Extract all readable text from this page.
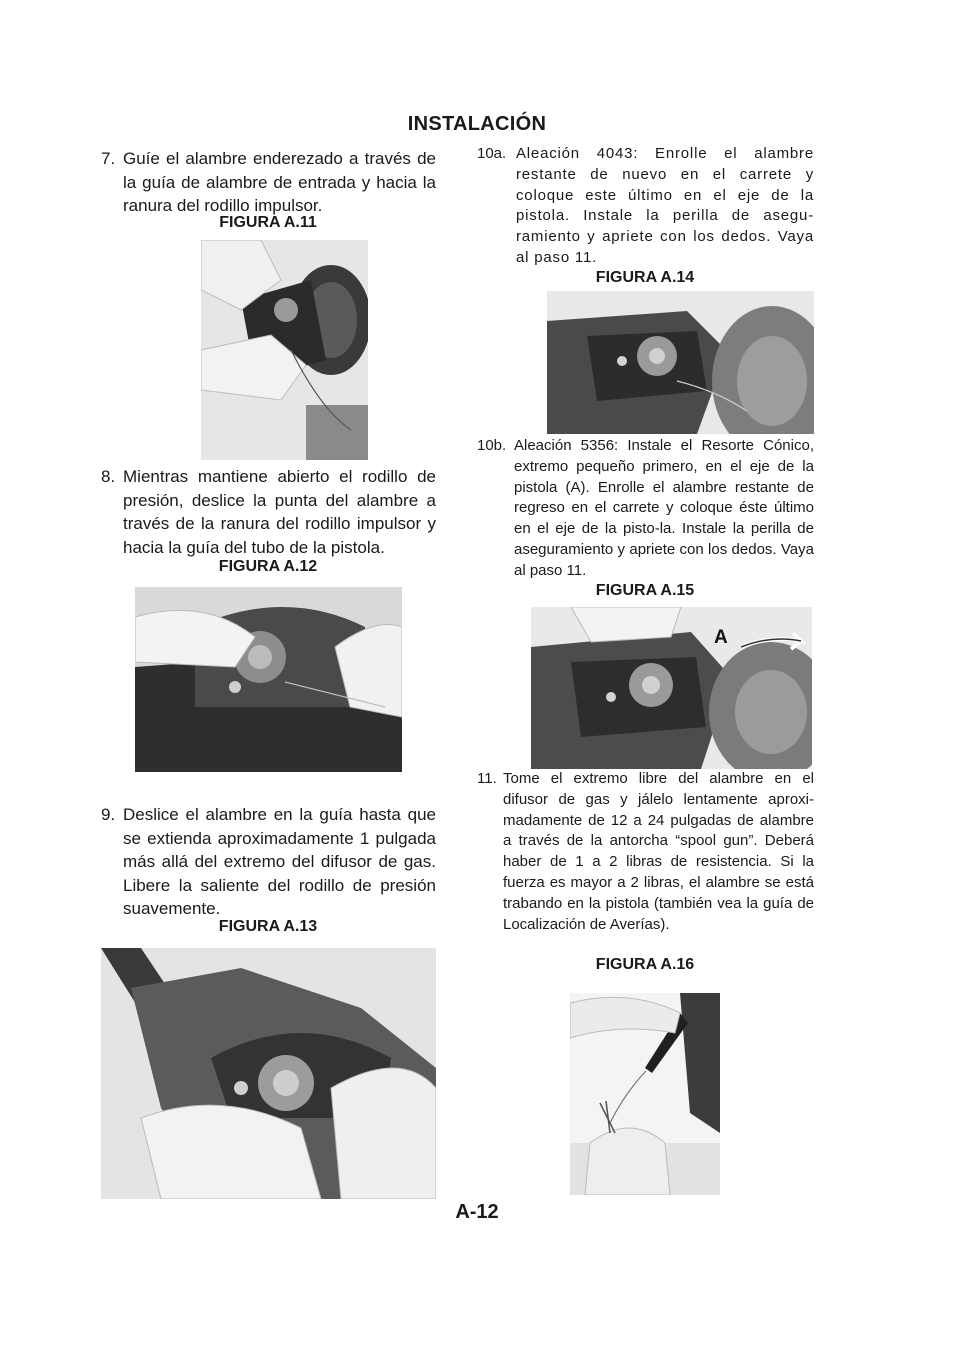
INSTALACIÓN
7. Guíe el alambre enderezado a través de la guía de alambre de entrada y hacia la ranura del rodillo impulsor.
FIGURA A.11
8. Mientras mantiene abierto el rodillo de presión, deslice la punta del alambre a través de la ranura del rodillo impulsor y hacia la guía del tubo de la pistola.
FIGURA A.12
9. Deslice el alambre en la guía hasta que se extienda aproximadamente 1 pulgada más allá del extremo del difusor de gas. Libere la saliente del rodillo de presión suavemente.
FIGURA A.13
10a. Aleación 4043: Enrolle el alambre restante de nuevo en el carrete y coloque este último en el eje de la pistola. Instale la perilla de asegu-ramiento y apriete con los dedos. Vaya al paso 11.
FIGURA A.14
10b. Aleación 5356: Instale el Resorte Cónico, extremo pequeño primero, en el eje de la pistola (A). Enrolle el alambre restante de regreso en el carrete y coloque éste último en el eje de la pisto-la. Instale la perilla de aseguramiento y apriete con los dedos. Vaya al paso 11.
FIGURA A.15
A
11. Tome el extremo libre del alambre en el difusor de gas y jálelo lentamente aproxi-madamente de 12 a 24 pulgadas de alambre a través de la antorcha “spool gun”. Deberá haber de 1 a 2 libras de resistencia. Si la fuerza es mayor a 2 libras, el alambre se está trabando en la pistola (también vea la guía de Localización de Averías).
FIGURA A.16
A-12
